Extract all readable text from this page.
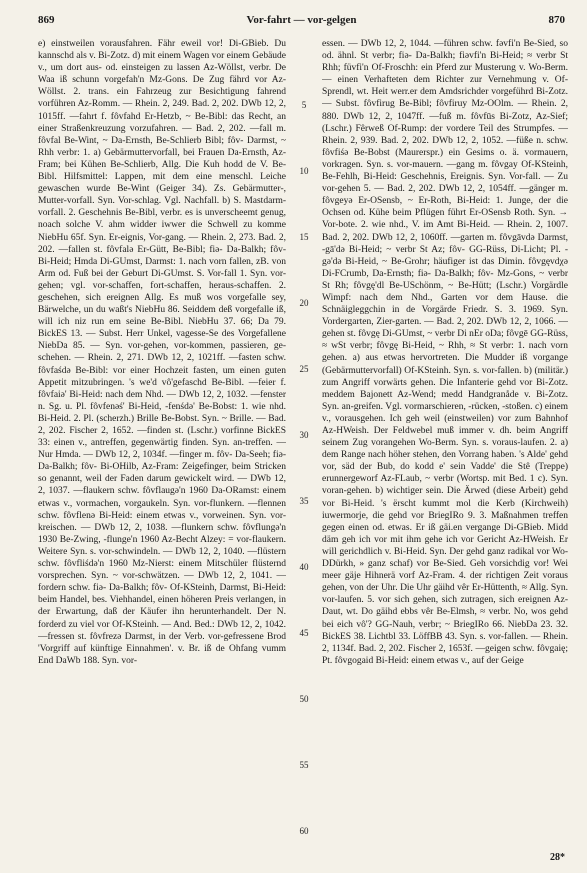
869	Vor-fahrt — vor-gelgen	870

e) einstweilen vorausfahren. Fähr eweil vor! Di-GBieb. Du kannschd als v. Bi-Zotz. d) mit einem Wagen vor einem Gebäude v., um dort aus- od. einsteigen zu lassen Az-Wöllst, verbr. De Waa iß schunn vorgefah'n Mz-Gons. De Zug fährd vor Az-Wöllst. 2. trans. ein Fahrzeug zur Besichtigung fahrend vorführen Az-Romm. — Rhein. 2, 249. Bad. 2, 202. DWb 12, 2, 1015ff. —fahrt f. fôvfahd Er-Hetzb, ~ Be-Bibl: das Recht, an einer Straßenkreuzung vorzufahren. — Bad. 2, 202. —fall m. fôvfal Be-Wint, ~ Da-Ernsth, Be-Schlierb Bibl; fôv- Darmst, ~ Rhh verbr: 1. a) Gebärmuttervorfall, bei Frauen Da-Ernsth, Az-Fram; bei Kühen Be-Schlierb, Allg. Die Kuh hodd de V. Be-Bibl. Hilfsmittel: Lappen, mit dem eine menschl. Leiche gewaschen wurde Be-Wint (Geiger 34). Zs. Gebärmutter-, Mutter-vorfall. Syn. Vor-schlag. Vgl. Nachfall. b) S. Mastdarm-vorfall. 2. Geschehnis Be-Bibl, verbr. es is unverscheemt genug, noach solche V. ahm widder iwwer die Schwell zu komme NiebHu 65f. Syn. Er-eignis, Vor-gang. — Rhein. 2, 273. Bad. 2, 202. —fallen st. fôvfalə Er-Gütt, Be-Bibl; fiə- Da-Balkh; fôv- Bi-Heid; Hmda Di-GUmst, Darmst: 1. nach vorn fallen, zB. von Arm od. Fuß bei der Geburt Di-GUmst. S. Vor-fall 1. Syn. vor-gehen; vgl. vor-schaffen, fort-schaffen, heraus-schaffen. 2. geschehen, sich ereignen Allg. Es muß wos vorgefalle sey, Bärwelche, un du waßt's NiebHu 86. Seiddem deß vorgefalle iß, will ich niz run em seine Be-Bibl. NiebHu 37. 66; Da 79. BickES 13. — Subst. Herr Unkel, vagesse-Se des Vorgefallene NiebDa 85. — Syn. vor-gehen, vor-kommen, passieren, ge-schehen. — Rhein. 2, 271. DWb 12, 2, 1021ff. —fasten schw. fôvfaśdə Be-Bibl: vor einer Hochzeit fasten, um einen guten Appetit mitzubringen. 's we'd vô'gefaschd Be-Bibl. —feier f. fôvfaiə' Bi-Heid: nach dem Nhd. — DWb 12, 2, 1032. —fenster n. Sg. u. Pl. fôvfenəś' Bi-Heid, -fenśdə' Be-Bobst: 1. wie nhd. Bi-Heid. 2. Pl. (scherzh.) Brille Be-Bobst. Syn. ~ Brille. — Bad. 2, 202. Fischer 2, 1652. —finden st. (Lschr.) vorfinne BickES 33: einen v., antreffen, gegenwärtig finden. Syn. an-treffen. — Nur Hmda. — DWb 12, 2, 1034f. —finger m. fôv- Da-Seeh; fiə- Da-Balkh; fôv- Bi-OHilb, Az-Fram: Zeigefinger, beim Stricken so genannt, weil der Faden darum gewickelt wird. — DWb 12, 2, 1037. —flaukern schw. fôvflaugə'n 1960 Da-ORamst: einem etwas v., vormachen, vorgaukeln. Syn. vor-flunkern. —flennen schw. fôvflenə Bi-Heid: einem etwas v., vorweinen. Syn. vor-kreischen. — DWb 12, 2, 1038. —flunkern schw. fôvflungə'n 1930 Be-Zwing, -flunge'n 1960 Az-Becht Alzey: = vor-flaukern. Weitere Syn. s. vor-schwindeln. — DWb 12, 2, 1040. —flüstern schw. fôvfliśdə'n 1960 Mz-Nierst: einem Mitschüler flüsternd vorsprechen. Syn. ~ vor-schwätzen. — DWb 12, 2, 1041. —fordern schw. fiə- Da-Balkh; fôv- Of-KSteinh, Darmst, Bi-Heid: beim Handel, bes. Viehhandel, einen höheren Preis verlangen, in der Erwartung, daß der Käufer ihn herunterhandelt. Der N. forderd zu viel vor Of-KSteinh. — And. Bed.: DWb 12, 2, 1042. —fressen st. fôvfrezə Darmst, in der Verb. vor-gefressene Brod 'Vorgriff auf künftige Einnahmen'. v. Br. iß de Ohfang vumm End DaWb 188. Syn. vor-

5
10
15
20
25
30
35
40
45
50
55
60

essen. — DWb 12, 2, 1044. —führen schw. fəvfi'n Be-Sied, so od. ähnl. St verbr; fiə- Da-Balkh; fiəvfi'n Bi-Heid; ≈ verbr St Rhh; füvfi'n Of-Froschh: ein Pferd zur Musterung v. Wo-Berm. — einen Verhafteten dem Richter zur Vernehmung v. Of-Sprendl, wt. Heit werr.er dem Amdsrichder vorgeführd Bi-Zotz. — Subst. fôvfirug Be-Bibl; fôvfiruy Mz-OOlm. — Rhein. 2, 880. DWb 12, 2, 1047ff. —fuß m. fôvfūs Bi-Zotz, Az-Sief; (Lschr.) Fêrweß Of-Rump: der vordere Teil des Strumpfes. — Rhein. 2, 939. Bad. 2, 202. DWb 12, 2, 1052. —füße n. schw. fôvfiśə Be-Bobst (Maurerspr.) ein Gesims o. ä. vormauern, vorkragen. Syn. s. vor-mauern. —gang m. fôvgay Of-KSteinh, Be-Fehlh, Bi-Heid: Geschehnis, Ereignis. Syn. Vor-fall. — Zu vor-gehen 5. — Bad. 2, 202. DWb 12, 2, 1054ff. —gänger m. fôvgeyə Er-OSensb, ~ Er-Roth, Bi-Heid: 1. Junge, der die Ochsen od. Kühe beim Pflügen führt Er-OSensb Roth. Syn. → Vor-bote. 2. wie nhd., V. im Amt Bi-Heid. — Rhein. 2, 1007. Bad. 2, 202. DWb 12, 2, 1060ff. —garten m. fôvgāvdə Darmst, -gā'də Bi-Heid; ~ verbr St Az; fôv- GG-Rüss, Di-Licht; Pl. -gə'də Bi-Heid, ~ Be-Grohr; häufiger ist das Dimin. fôvgęvdχə Di-FCrumb, Da-Ernsth; fiə- Da-Balkh; fôv- Mz-Gons, ~ verbr St Rh; fôvgę'dl Be-USchönm, ~ Be-Hütt; (Lschr.) Vorgärdle Wimpf: nach dem Nhd., Garten vor dem Hause. die Schnäigleggchin in de Vorgärde Friedr. S. 3. 1969. Syn. Vordergarten, Zier-garten. — Bad. 2, 202. DWb 12, 2, 1066. —gehen st. fôvgę Di-GUmst, ~ verbr Di nEr oDa; fôvgē GG-Rüss, ≈ wSt verbr; fôvgę Bi-Heid, ~ Rhh, ≈ St verbr: 1. nach vorn gehen. a) aus etwas hervortreten. Die Mudder iß vorgange (Gebärmuttervorfall) Of-KSteinh. Syn. s. vor-fallen. b) (militär.) zum Angriff vorwärts gehen. Die Infanterie gehd vor Bi-Zotz. meddem Bajonett Az-Wend; medd Handgranåde v. Bi-Zotz. Syn. an-greifen. Vgl. vormarschieren, -rücken, -stoßen. c) einem v., vorausgehen. Ich geh weil (einstweilen) vor zum Bahnhof Az-HWeish. Der Feldwebel muß immer v. dh. beim Angriff seinem Zug vorangehen Wo-Berm. Syn. s. voraus-laufen. 2. a) dem Range nach höher stehen, den Vorrang haben. 's Alde' gehd vor, säd der Bub, do kodd e' sein Vadde' die Stê (Treppe) erunnergeworf Az-FLaub, ~ verbr (Wortsp. mit Bed. 1 c). Syn. voran-gehen. b) wichtiger sein. Die Ärwed (diese Arbeit) gehd vor Bi-Heid. 's ërscht kummt mol die Kerb (Kirchweih) iuwermorje, die gehd vor BriegIRo 9. 3. Maßnahmen treffen gegen einen od. etwas. Er iß gäi.en vergange Di-GBieb. Midd däm geh ich vor mit ihm gehe ich vor Gericht Az-HWeish. Er will gerichdlich v. Bi-Heid. Syn. Der gehd ganz radikal vor Wo-DDürkh, » ganz schaf) vor Be-Sied. Geh vorsichdig vor! Wei meer gäje Hihnerä vorf Az-Fram. 4. der richtigen Zeit voraus gehen, von der Uhr. Die Uhr gäihd vêr Er-Hüttenth, ≈ Allg. Syn. vor-laufen. 5. vor sich gehen, sich zutragen, sich ereignen Az-Daut, wt. Do gäihd ebbs vêr Be-Elmsh, ≈ verbr. No, wos gehd bei eich vô'? GG-Nauh, verbr; ~ BriegIRo 66. NiebDa 23. 32. BickES 38. Lichtbl 33. LöffBB 43. Syn. s. vor-fallen. — Rhein. 2, 1134f. Bad. 2, 202. Fischer 2, 1653f. —geigen schw. fôvgaię; Pt. fôvgogaid Bi-Heid: einem etwas v., auf der Geige

28*
